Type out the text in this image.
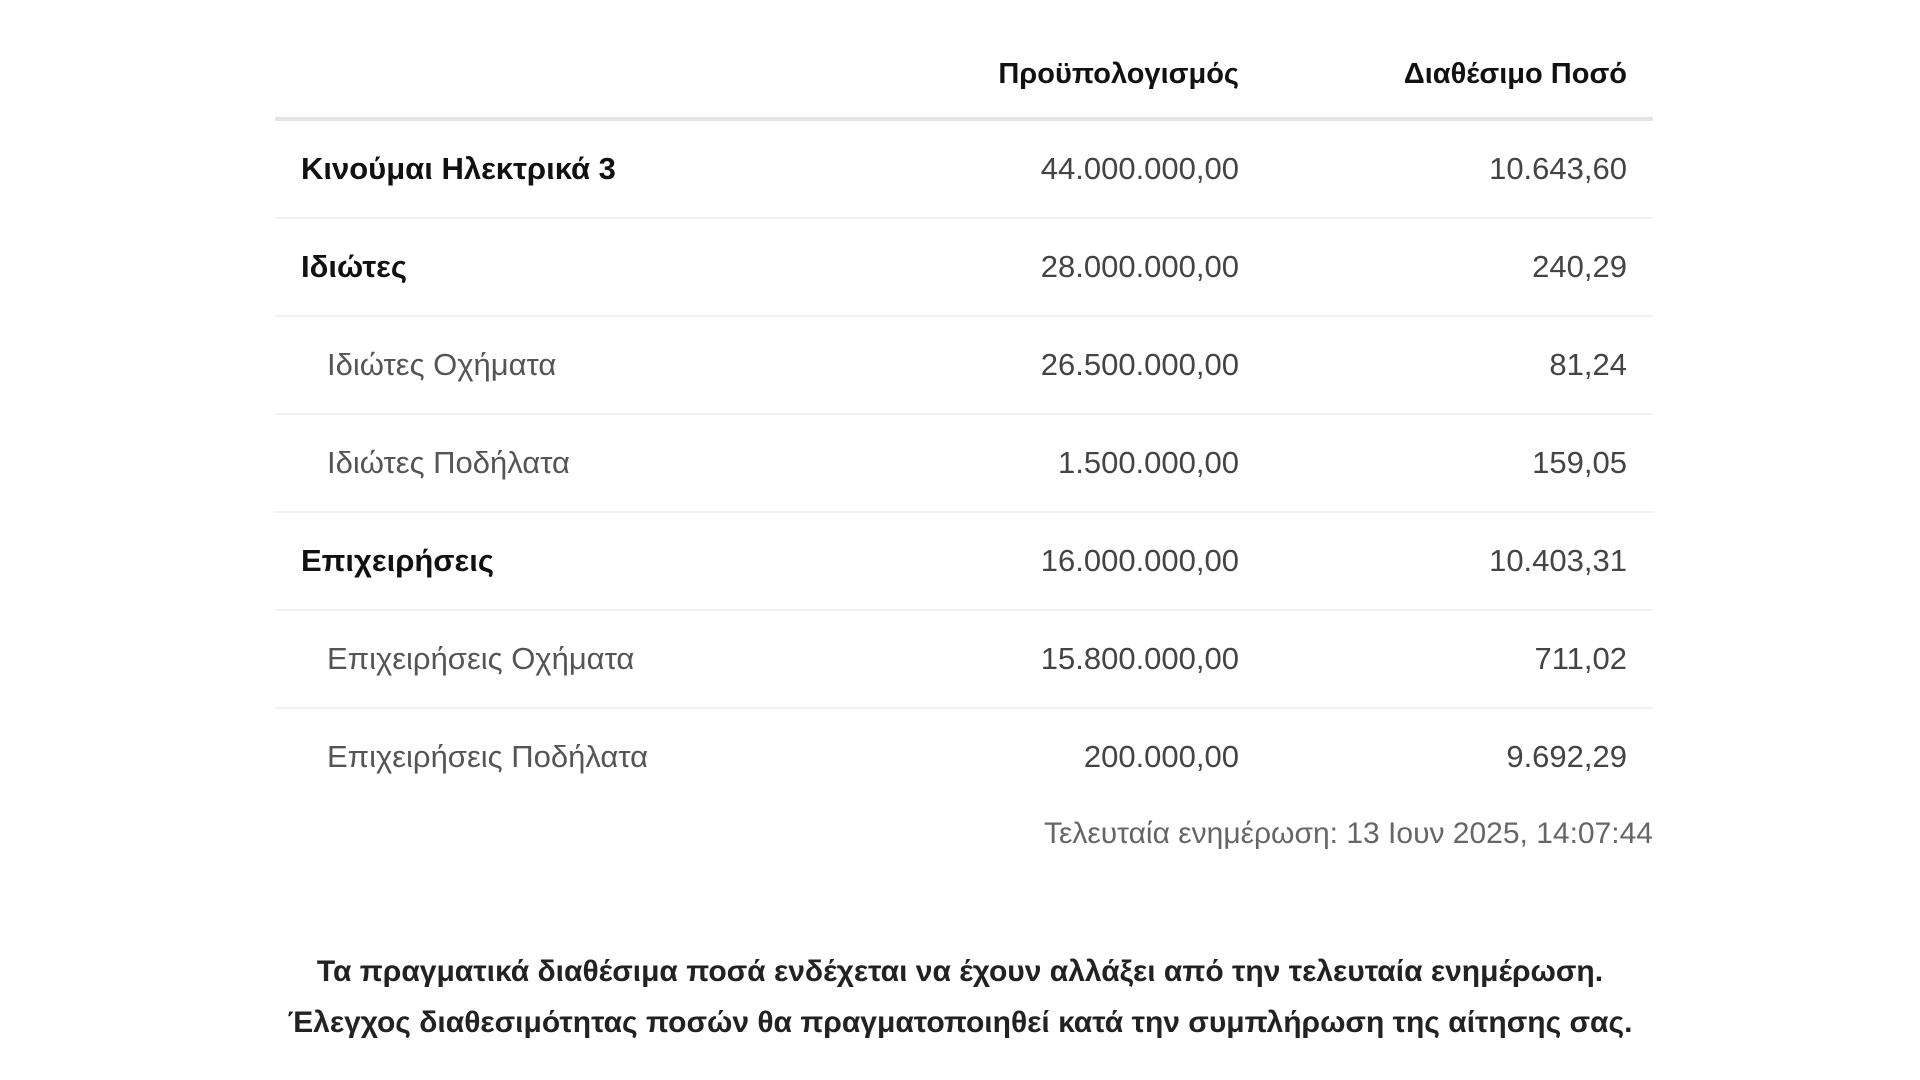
	Προϋπολογισμός	Διαθέσιμο Ποσό
Κινούμαι Ηλεκτρικά 3	44.000.000,00	10.643,60
Ιδιώτες	28.000.000,00	240,29
Ιδιώτες Οχήματα	26.500.000,00	81,24
Ιδιώτες Ποδήλατα	1.500.000,00	159,05
Επιχειρήσεις	16.000.000,00	10.403,31
Επιχειρήσεις Οχήματα	15.800.000,00	711,02
Επιχειρήσεις Ποδήλατα	200.000,00	9.692,29
Τελευταία ενημέρωση: 13 Ιουν 2025, 14:07:44
Τα πραγματικά διαθέσιμα ποσά ενδέχεται να έχουν αλλάξει από την τελευταία ενημέρωση.
Έλεγχος διαθεσιμότητας ποσών θα πραγματοποιηθεί κατά την συμπλήρωση της αίτησης σας.
